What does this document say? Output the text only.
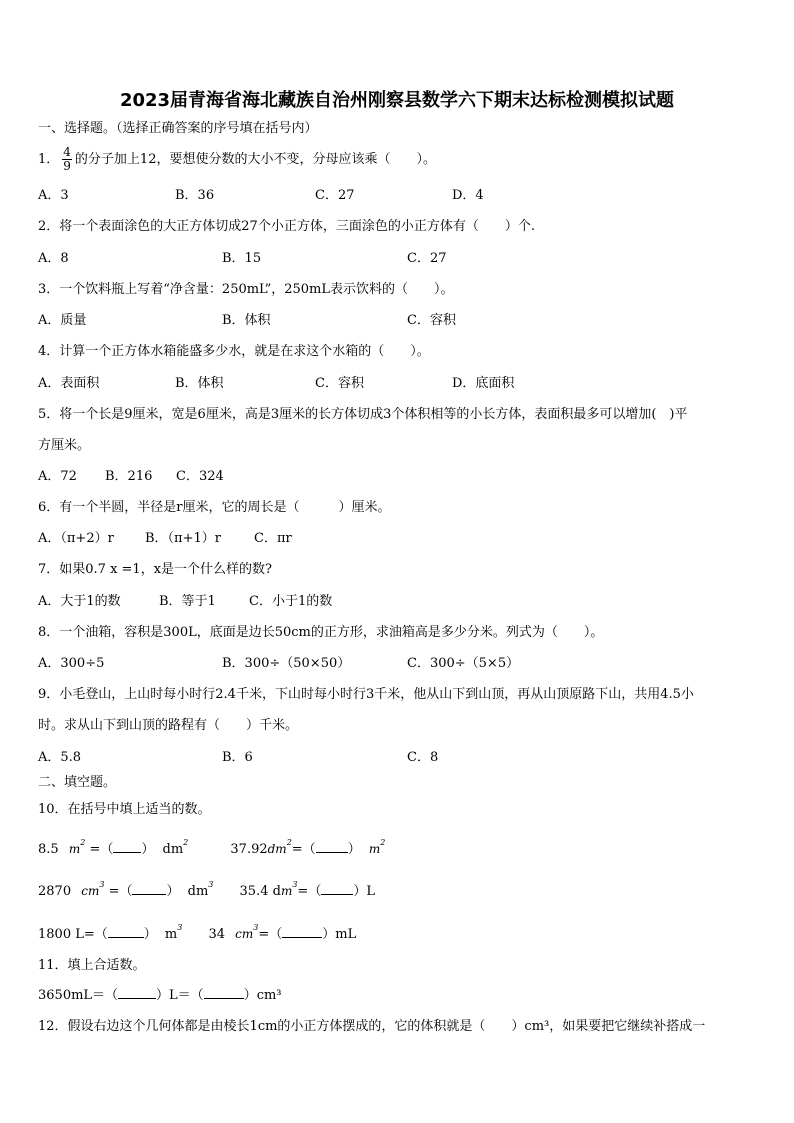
2023届青海省海北藏族自治州刚察县数学六下期末达标检测模拟试题
一、选择题。（选择正确答案的序号填在括号内）
1． $\frac{4}{9}$ 的分子加上12，要想使分数的大小不变，分母应该乘（　　）。
A．3	B．36	C．27	D．4
2．将一个表面涂色的大正方体切成27个小正方体，三面涂色的小正方体有（　　）个.
A．8	B．15	C．27
3．一个饮料瓶上写着“净含量：250mL”，250mL表示饮料的（　　）。
A．质量	B．体积	C．容积
4．计算一个正方体水箱能盛多少水，就是在求这个水箱的（　　）。
A．表面积	B．体积	C．容积	D．底面积
5．将一个长是9厘米，宽是6厘米，高是3厘米的长方体切成3个体积相等的小长方体，表面积最多可以增加(　)平
方厘米。
A．72 B．216 C．324
6．有一个半圆，半径是r厘米，它的周长是（　　　）厘米。
A．（π+2）r B．（π+1）r	C．πr
7．如果0.7 x =1，x是一个什么样的数?
A．大于1的数	B．等于1	C．小于1的数
8．一个油箱，容积是300L，底面是边长50cm的正方形，求油箱高是多少分米。列式为（　　）。
A．300÷5	B．300÷（50×50）	C．300÷（5×5）
9．小毛登山，上山时每小时行2.4千米，下山时每小时行3千米，他从山下到山顶，再从山顶原路下山，共用4.5小
时。求从山下到山顶的路程有（　　）千米。
A．5.8	B．6	C．8
二、填空题。
10．在括号中填上适当的数。
8.5 $m^2$ =（ ） $dm^2$	$37.92dm^2=$（ ） $m^2$
2870 $cm^3$ =（	） $dm^3$ 35.4 $dm^3=$（ ）L
1800 L=（	） $m^3$ 34 $cm^3=$（	）mL
11．填上合适数。
3650mL＝（	）L＝（	）cm³
12．假设右边这个几何体都是由棱长1cm的小正方体摆成的，它的体积就是（　　）cm³，如果要把它继续补搭成一
